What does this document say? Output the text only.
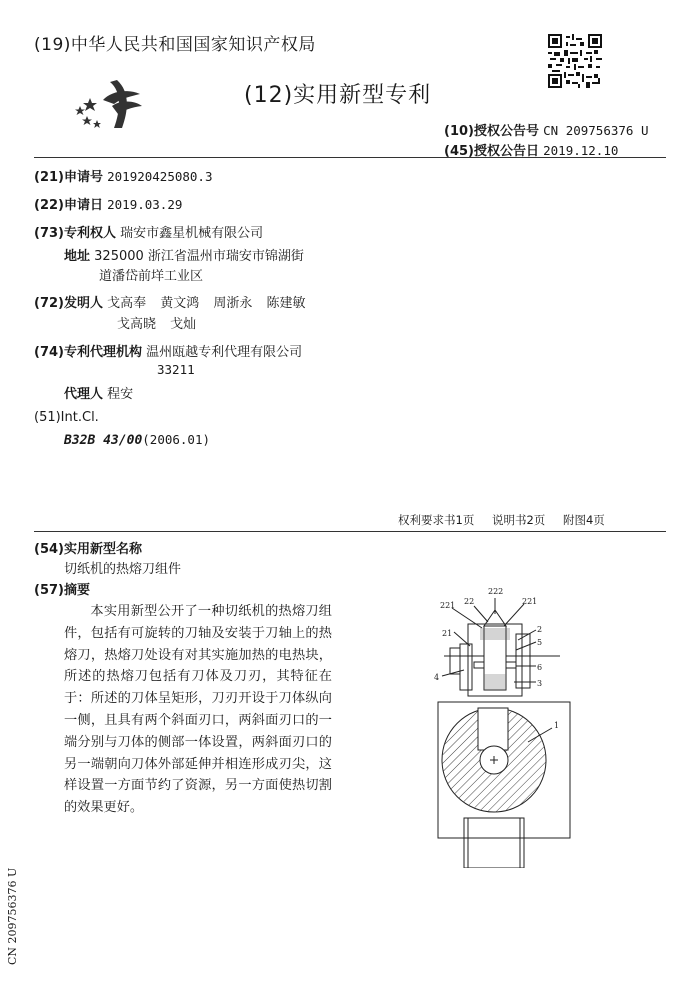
(19)中华人民共和国国家知识产权局
(12)实用新型专利
(10)授权公告号 CN 209756376 U
(45)授权公告日 2019.12.10
(21)申请号 201920425080.3
(22)申请日 2019.03.29
(73)专利权人 瑞安市鑫星机械有限公司
地址 325000 浙江省温州市瑞安市锦湖街
道潘岱前垟工业区
(72)发明人 戈高奉 黄文鸿 周浙永 陈建敏
戈高晓 戈灿
(74)专利代理机构 温州瓯越专利代理有限公司
33211
代理人 程安
(51)Int.Cl.
B32B 43/00(2006.01)
权利要求书1页 说明书2页 附图4页
(54)实用新型名称
切纸机的热熔刀组件
(57)摘要
本实用新型公开了一种切纸机的热熔刀组件，包括有可旋转的刀轴及安装于刀轴上的热熔刀，热熔刀处设有对其实施加热的电热块，所述的热熔刀包括有刀体及刀刃，其特征在于：所述的刀体呈矩形，刀刃开设于刀体纵向一侧，且具有两个斜面刃口，两斜面刃口的一端分别与刀体的侧部一体设置，两斜面刃口的另一端朝向刀体外部延伸并相连形成刃尖，这样设置一方面节约了资源，另一方面使热切割的效果更好。
222
22
221	221
21	2
5
6
4
3
1
CN 209756376 U
